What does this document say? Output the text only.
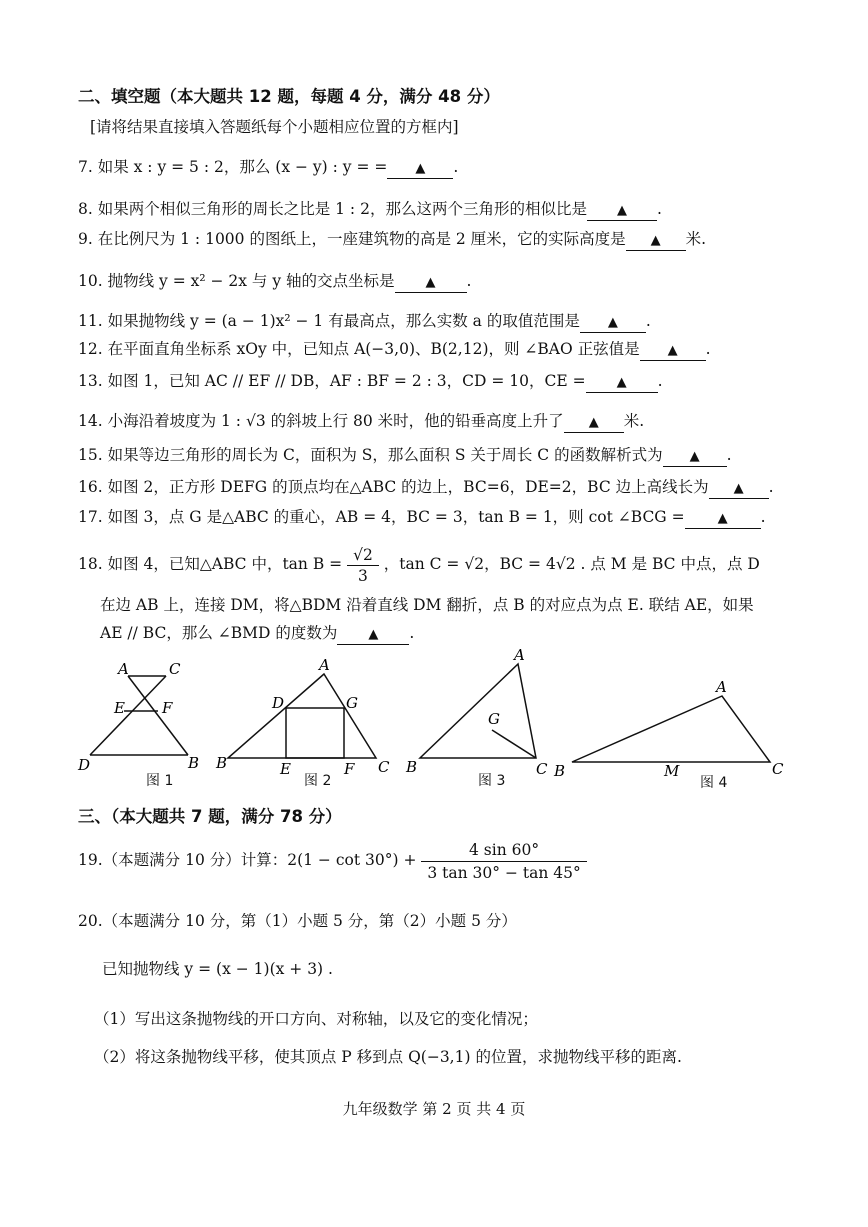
二、填空题（本大题共 12 题，每题 4 分，满分 48 分）
[请将结果直接填入答题纸每个小题相应位置的方框内]
7. 如果 x : y = 5 : 2，那么 (x − y) : y = = ▲ .
8. 如果两个相似三角形的周长之比是 1 : 2，那么这两个三角形的相似比是 ▲ .
9. 在比例尺为 1 : 1000 的图纸上，一座建筑物的高是 2 厘米，它的实际高度是 ▲ 米.
10. 抛物线 y = x² − 2x 与 y 轴的交点坐标是 ▲ .
11. 如果抛物线 y = (a − 1)x² − 1 有最高点，那么实数 a 的取值范围是 ▲ .
12. 在平面直角坐标系 xOy 中，已知点 A(−3,0)、B(2,12)，则 ∠BAO 正弦值是 ▲ .
13. 如图 1，已知 AC // EF // DB，AF : BF = 2 : 3，CD = 10，CE = ▲ .
14. 小海沿着坡度为 1 : √3 的斜坡上行 80 米时，他的铅垂高度上升了 ▲ 米.
15. 如果等边三角形的周长为 C，面积为 S，那么面积 S 关于周长 C 的函数解析式为 ▲ .
16. 如图 2，正方形 DEFG 的顶点均在△ABC 的边上，BC=6，DE=2，BC 边上高线长为 ▲ .
17. 如图 3，点 G 是△ABC 的重心，AB = 4，BC = 3，tan B = 1，则 cot ∠BCG =	▲ .
18. 如图 4，已知△ABC 中，$\tan B = \frac{√2}{3}$ ，tan C = √2，BC = 4√2 . 点 M 是 BC 中点，点 D
在边 AB 上，连接 DM，将△BDM 沿着直线 DM 翻折，点 B 的对应点为点 E. 联结 AE，如果
AE // BC，那么 ∠BMD 的度数为 ▲ .
A	C
E F
D	B
图 1
A
D	G
B	E	F C
图 2
A
G
B	C
图 3
A
B	M	C
图 4
三、（本大题共 7 题，满分 78 分）
19.（本题满分 10 分）计算：$2(1 - \cot 30^\circ) + \frac{4 \sin 60^\circ}{3 \tan 30^\circ - \tan 45^\circ}$
20.（本题满分 10 分，第（1）小题 5 分，第（2）小题 5 分）
已知抛物线 y = (x − 1)(x + 3) .
（1）写出这条抛物线的开口方向、对称轴，以及它的变化情况；
（2）将这条抛物线平移，使其顶点 P 移到点 Q(−3,1) 的位置，求抛物线平移的距离.
九年级数学 第 2 页 共 4 页
